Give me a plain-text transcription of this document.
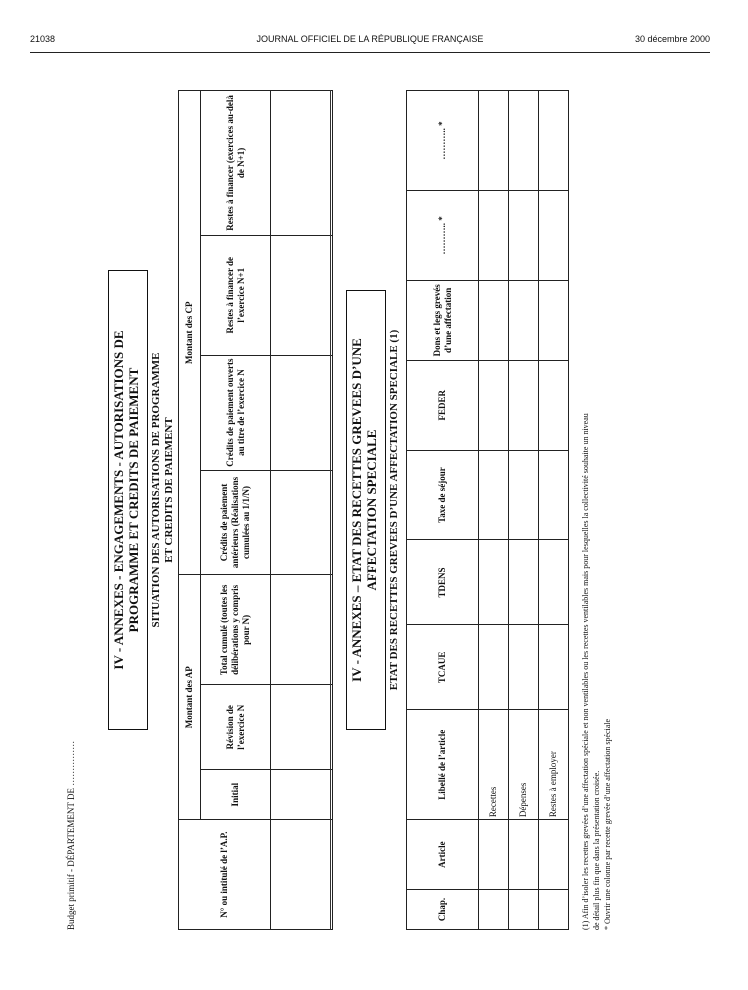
21038	JOURNAL OFFICIEL DE LA RÉPUBLIQUE FRANÇAISE	30 décembre 2000
Budget primitif - DÉPARTEMENT DE ……………
IV - ANNEXES - ENGAGEMENTS - AUTORISATIONS DE PROGRAMME ET CREDITS DE PAIEMENT SITUATION DES AUTORISATIONS DE PROGRAMME ET CREDITS DE PAIEMENT
N° ou intitulé de l’A.P.	Montant des AP			Montant des CP			
	Initial	Révision de l’exercice N	Total cumulé (toutes les délibérations y compris pour N)	Crédits de paiement antérieurs (Réalisations cumulées au 1/1/N)	Crédits de paiement ouverts au titre de l’exercice N	Restes à financer de l’exercice N+1	Restes à financer (exercices au-delà de N+1)

IV - ANNEXES – ETAT DES RECETTES GREVEES D’UNE AFFECTATION SPECIALE ETAT DES RECETTES GREVEES D’UNE AFFECTATION SPECIALE (1)
Chap.	Article	Libellé de l’article	TCAUE	TDENS	Taxe de séjour	FEDER	Dons et legs grevés d’une affectation	……….. *	……….. *
		Recettes							
		Dépenses							
		Restes à employer								(1) Afin d’isoler les recettes grevées d’une affectation spéciale et non ventilables ou les recettes ventilables mais pour lesquelles la collectivité souhaite un niveau de détail plus fin que dans la présentation croisée. * Ouvrir une colonne par recette grevée d’une affectation spéciale
